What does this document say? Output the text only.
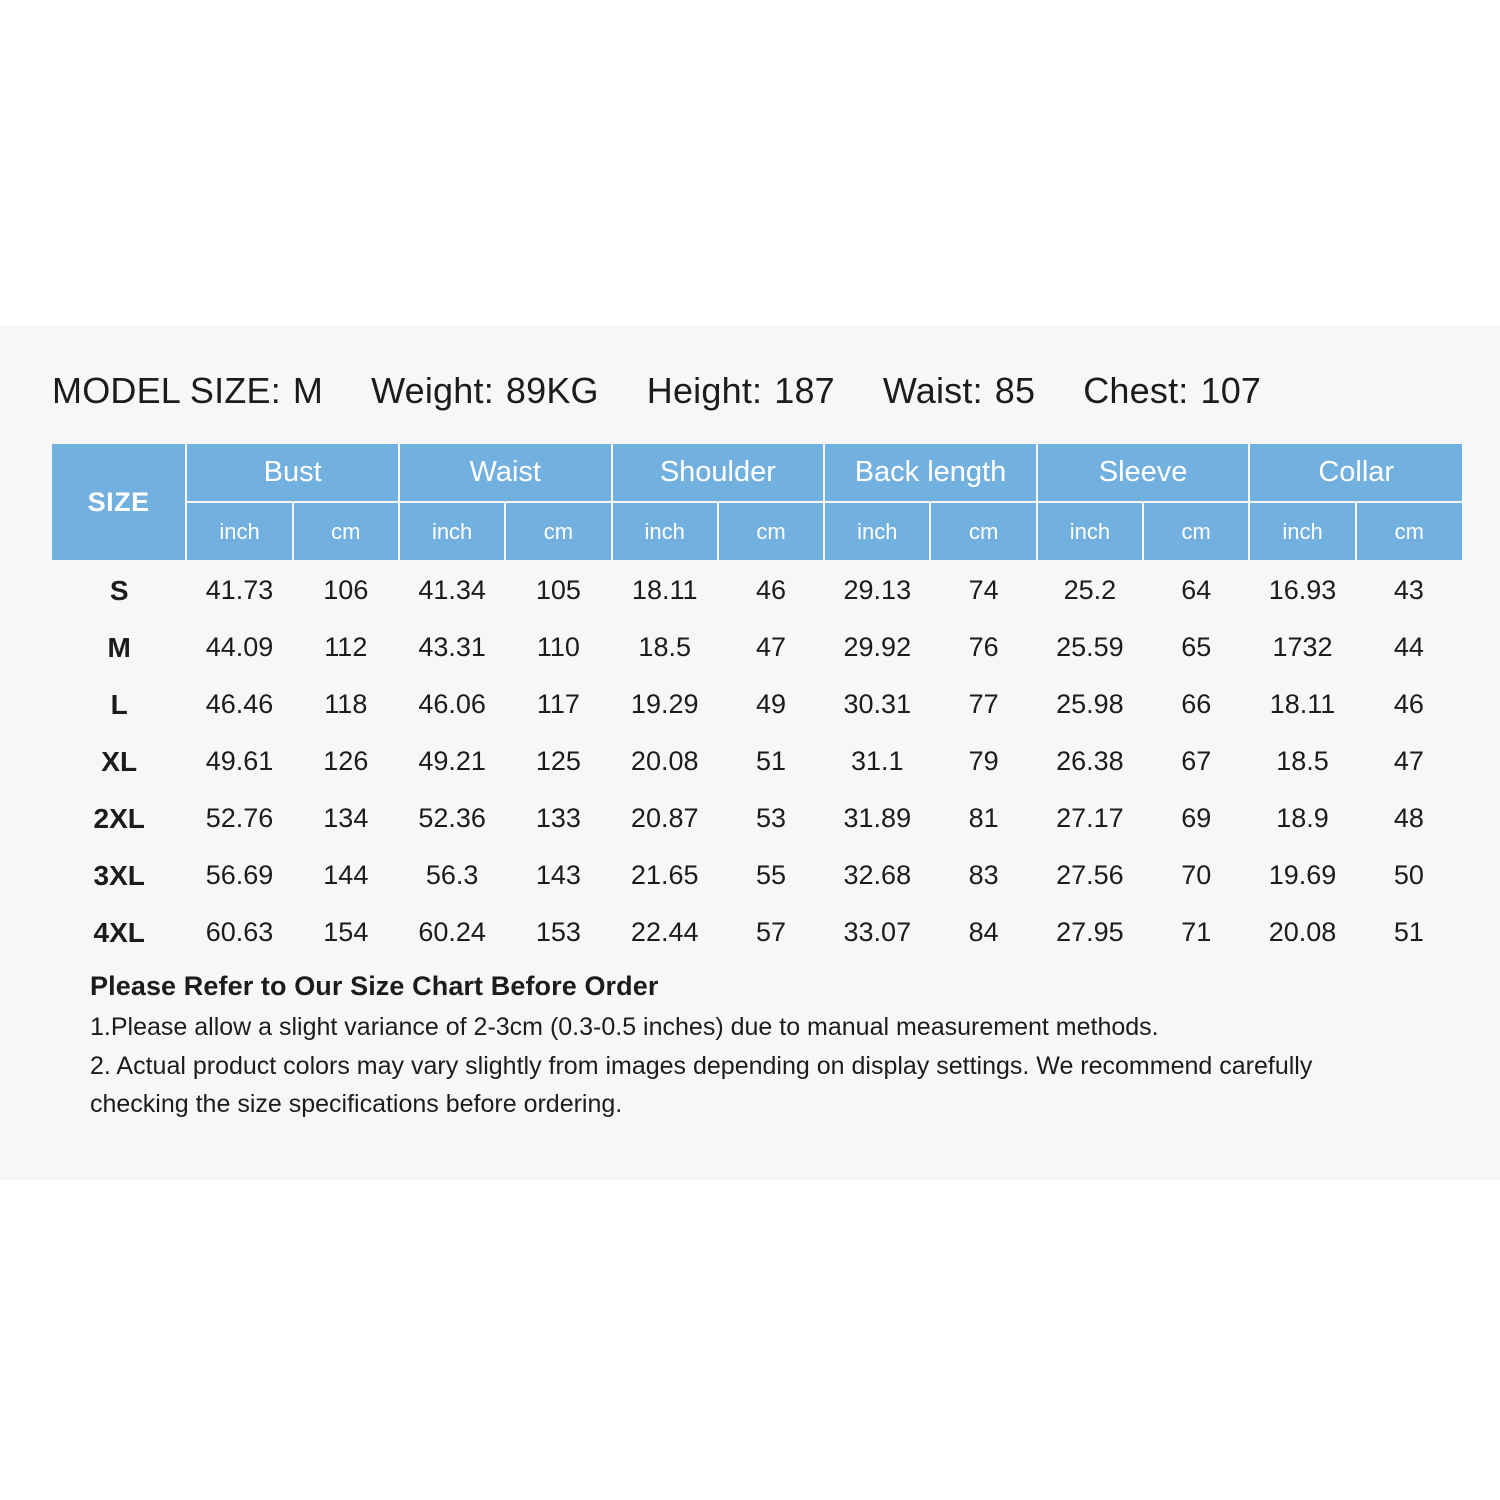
MODEL SIZE: M Weight: 89KG Height: 187 Waist: 85 Chest: 107
SIZE	Bust		Waist		Shoulder		Back length		Sleeve		Collar	
	inch	cm	inch	cm	inch	cm	inch	cm	inch	cm	inch	cm
S	41.73	106	41.34	105	18.11	46	29.13	74	25.2	64	16.93	43
M	44.09	112	43.31	110	18.5	47	29.92	76	25.59	65	1732	44
L	46.46	118	46.06	117	19.29	49	30.31	77	25.98	66	18.11	46
XL	49.61	126	49.21	125	20.08	51	31.1	79	26.38	67	18.5	47
2XL	52.76	134	52.36	133	20.87	53	31.89	81	27.17	69	18.9	48
3XL	56.69	144	56.3	143	21.65	55	32.68	83	27.56	70	19.69	50
4XL	60.63	154	60.24	153	22.44	57	33.07	84	27.95	71	20.08	51
Please Refer to Our Size Chart Before Order
1.Please allow a slight variance of 2-3cm (0.3-0.5 inches) due to manual measurement methods.
2. Actual product colors may vary slightly from images depending on display settings. We recommend carefully
checking the size specifications before ordering.
